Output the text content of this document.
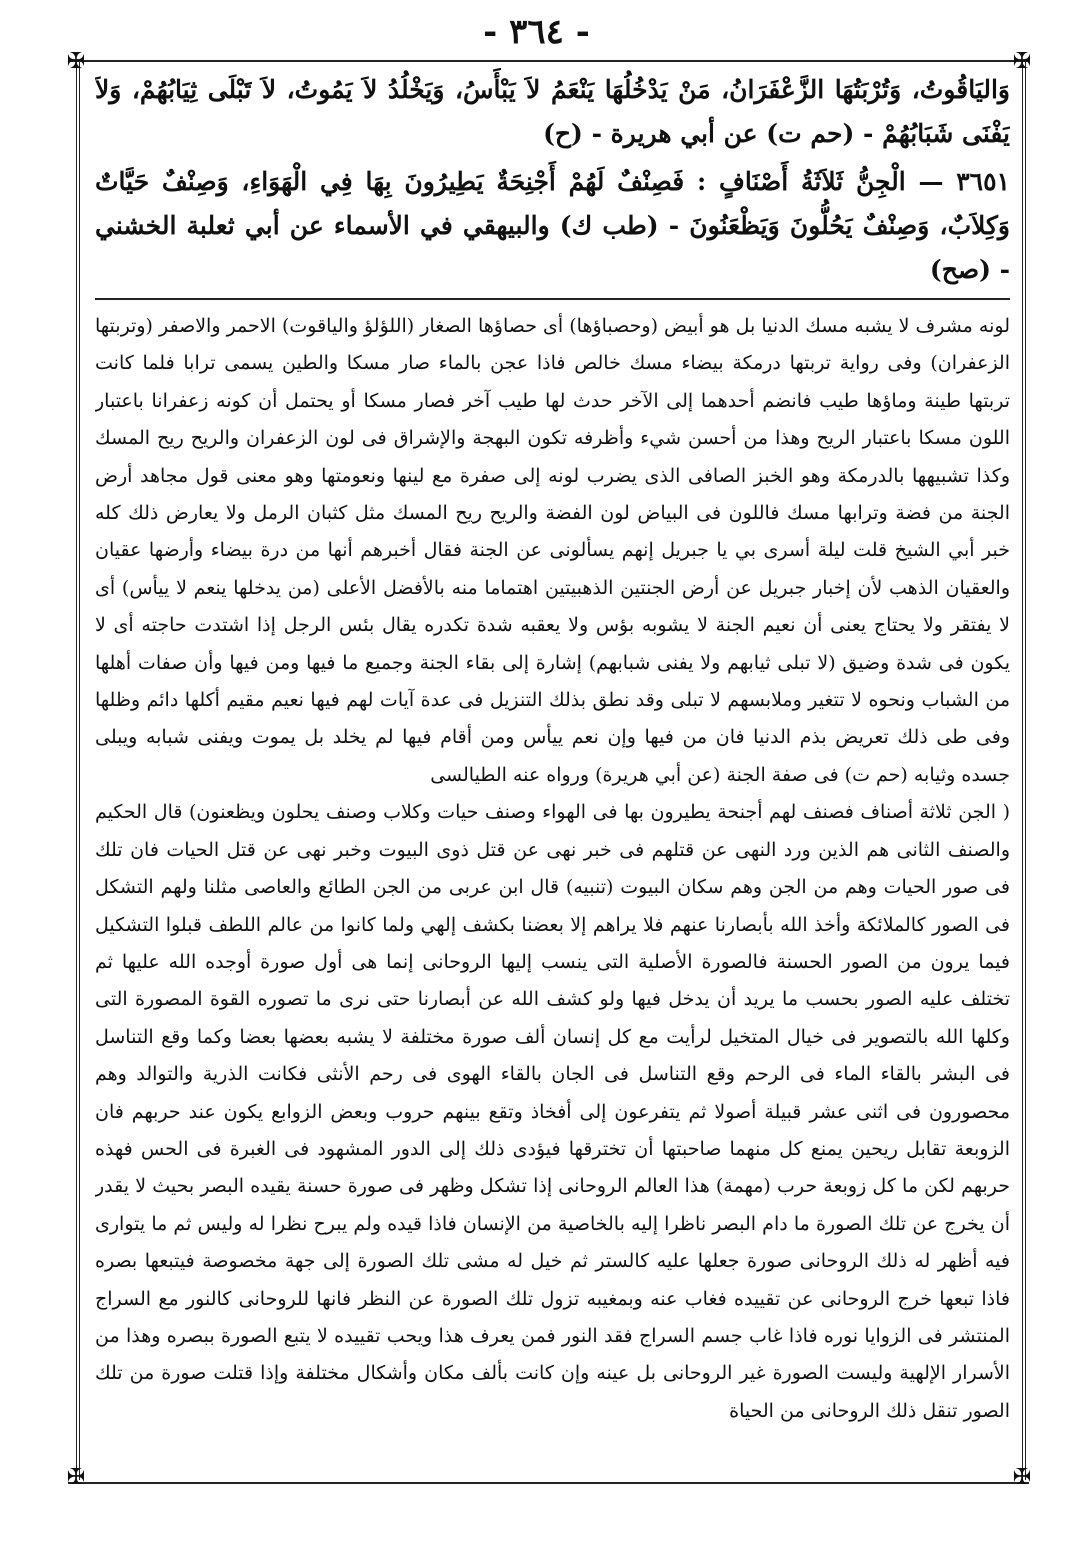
- ٣٦٤ -
✠	✠
✠	✠
وَاليَاقُوتُ، وَتُرْبَتُهَا الزَّعْفَرَانُ، مَنْ يَدْخُلُهَا يَنْعَمُ لاَ يَبْأَسُ، وَيَخْلُدُ لاَ يَمُوتُ، لاَ تَبْلَى ثِيَابُهُمْ، وَلاَ يَفْنَى شَبَابُهُمْ - (حم ت) عن أبي هريرة - (ح)
٣٦٥١ — الْجِنُّ ثَلاَثَةُ أَصْنَافٍ : فَصِنْفٌ لَهُمْ أَجْنِحَةٌ يَطِيرُونَ بِهَا فِي الْهَوَاءِ، وَصِنْفٌ حَيَّاتٌ وَكِلاَبٌ، وَصِنْفٌ يَحُلُّونَ وَيَظْعَنُونَ - (طب ك) والبيهقي في الأسماء عن أبي ثعلبة الخشني - (صح)

لونه مشرف لا يشبه مسك الدنيا بل هو أبيض (وحصباؤها) أى حصاؤها الصغار (اللؤلؤ والياقوت) الاحمر والاصفر (وتربتها الزعفران) وفى رواية تربتها درمكة بيضاء مسك خالص فاذا عجن بالماء صار مسكا والطين يسمى ترابا فلما كانت تربتها طينة وماؤها طيب فانضم أحدهما إلى الآخر حدث لها طيب آخر فصار مسكا أو يحتمل أن كونه زعفرانا باعتبار اللون مسكا باعتبار الريح وهذا من أحسن شيء وأظرفه تكون البهجة والإشراق فى لون الزعفران والريح ريح المسك وكذا تشبيهها بالدرمكة وهو الخبز الصافى الذى يضرب لونه إلى صفرة مع لينها ونعومتها وهو معنى قول مجاهد أرض الجنة من فضة وترابها مسك فاللون فى البياض لون الفضة والريح ريح المسك مثل كثبان الرمل ولا يعارض ذلك كله خبر أبي الشيخ قلت ليلة أسرى بي يا جبريل إنهم يسألونى عن الجنة فقال أخبرهم أنها من درة بيضاء وأرضها عقيان والعقيان الذهب لأن إخبار جبريل عن أرض الجنتين الذهبيتين اهتماما منه بالأفضل الأعلى (من يدخلها ينعم لا ييأس) أى لا يفتقر ولا يحتاج يعنى أن نعيم الجنة لا يشوبه بؤس ولا يعقبه شدة تكدره يقال بئس الرجل إذا اشتدت حاجته أى لا يكون فى شدة وضيق (لا تبلى ثيابهم ولا يفنى شبابهم) إشارة إلى بقاء الجنة وجميع ما فيها ومن فيها وأن صفات أهلها من الشباب ونحوه لا تتغير وملابسهم لا تبلى وقد نطق بذلك التنزيل فى عدة آيات لهم فيها نعيم مقيم أكلها دائم وظلها وفى طى ذلك تعريض بذم الدنيا فان من فيها وإن نعم ييأس ومن أقام فيها لم يخلد بل يموت ويفنى شبابه ويبلى جسده وثيابه (حم ت) فى صفة الجنة (عن أبي هريرة) ورواه عنه الطيالسى

( الجن ثلاثة أصناف فصنف لهم أجنحة يطيرون بها فى الهواء وصنف حيات وكلاب وصنف يحلون ويظعنون) قال الحكيم والصنف الثانى هم الذين ورد النهى عن قتلهم فى خبر نهى عن قتل ذوى البيوت وخبر نهى عن قتل الحيات فان تلك فى صور الحيات وهم من الجن وهم سكان البيوت (تنبيه) قال ابن عربى من الجن الطائع والعاصى مثلنا ولهم التشكل فى الصور كالملائكة وأخذ الله بأبصارنا عنهم فلا يراهم إلا بعضنا بكشف إلهي ولما كانوا من عالم اللطف قبلوا التشكيل فيما يرون من الصور الحسنة فالصورة الأصلية التى ينسب إليها الروحانى إنما هى أول صورة أوجده الله عليها ثم تختلف عليه الصور بحسب ما يريد أن يدخل فيها ولو كشف الله عن أبصارنا حتى نرى ما تصوره القوة المصورة التى وكلها الله بالتصوير فى خيال المتخيل لرأيت مع كل إنسان ألف صورة مختلفة لا يشبه بعضها بعضا وكما وقع التناسل فى البشر بالقاء الماء فى الرحم وقع التناسل فى الجان بالقاء الهوى فى رحم الأنثى فكانت الذرية والتوالد وهم محصورون فى اثنى عشر قبيلة أصولا ثم يتفرعون إلى أفخاذ وتقع بينهم حروب وبعض الزوابع يكون عند حربهم فان الزوبعة تقابل ريحين يمنع كل منهما صاحبتها أن تخترقها فيؤدى ذلك إلى الدور المشهود فى الغبرة فى الحس فهذه حربهم لكن ما كل زوبعة حرب (مهمة) هذا العالم الروحانى إذا تشكل وظهر فى صورة حسنة يقيده البصر بحيث لا يقدر أن يخرج عن تلك الصورة ما دام البصر ناظرا إليه بالخاصية من الإنسان فاذا قيده ولم يبرح نظرا له وليس ثم ما يتوارى فيه أظهر له ذلك الروحانى صورة جعلها عليه كالستر ثم خيل له مشى تلك الصورة إلى جهة مخصوصة فيتبعها بصره فاذا تبعها خرج الروحانى عن تقييده فغاب عنه وبمغيبه تزول تلك الصورة عن النظر فانها للروحانى كالنور مع السراج المنتشر فى الزوايا نوره فاذا غاب جسم السراج فقد النور فمن يعرف هذا ويحب تقييده لا يتبع الصورة ببصره وهذا من الأسرار الإلهية وليست الصورة غير الروحانى بل عينه وإن كانت بألف مكان وأشكال مختلفة وإذا قتلت صورة من تلك الصور تنقل ذلك الروحانى من الحياة
